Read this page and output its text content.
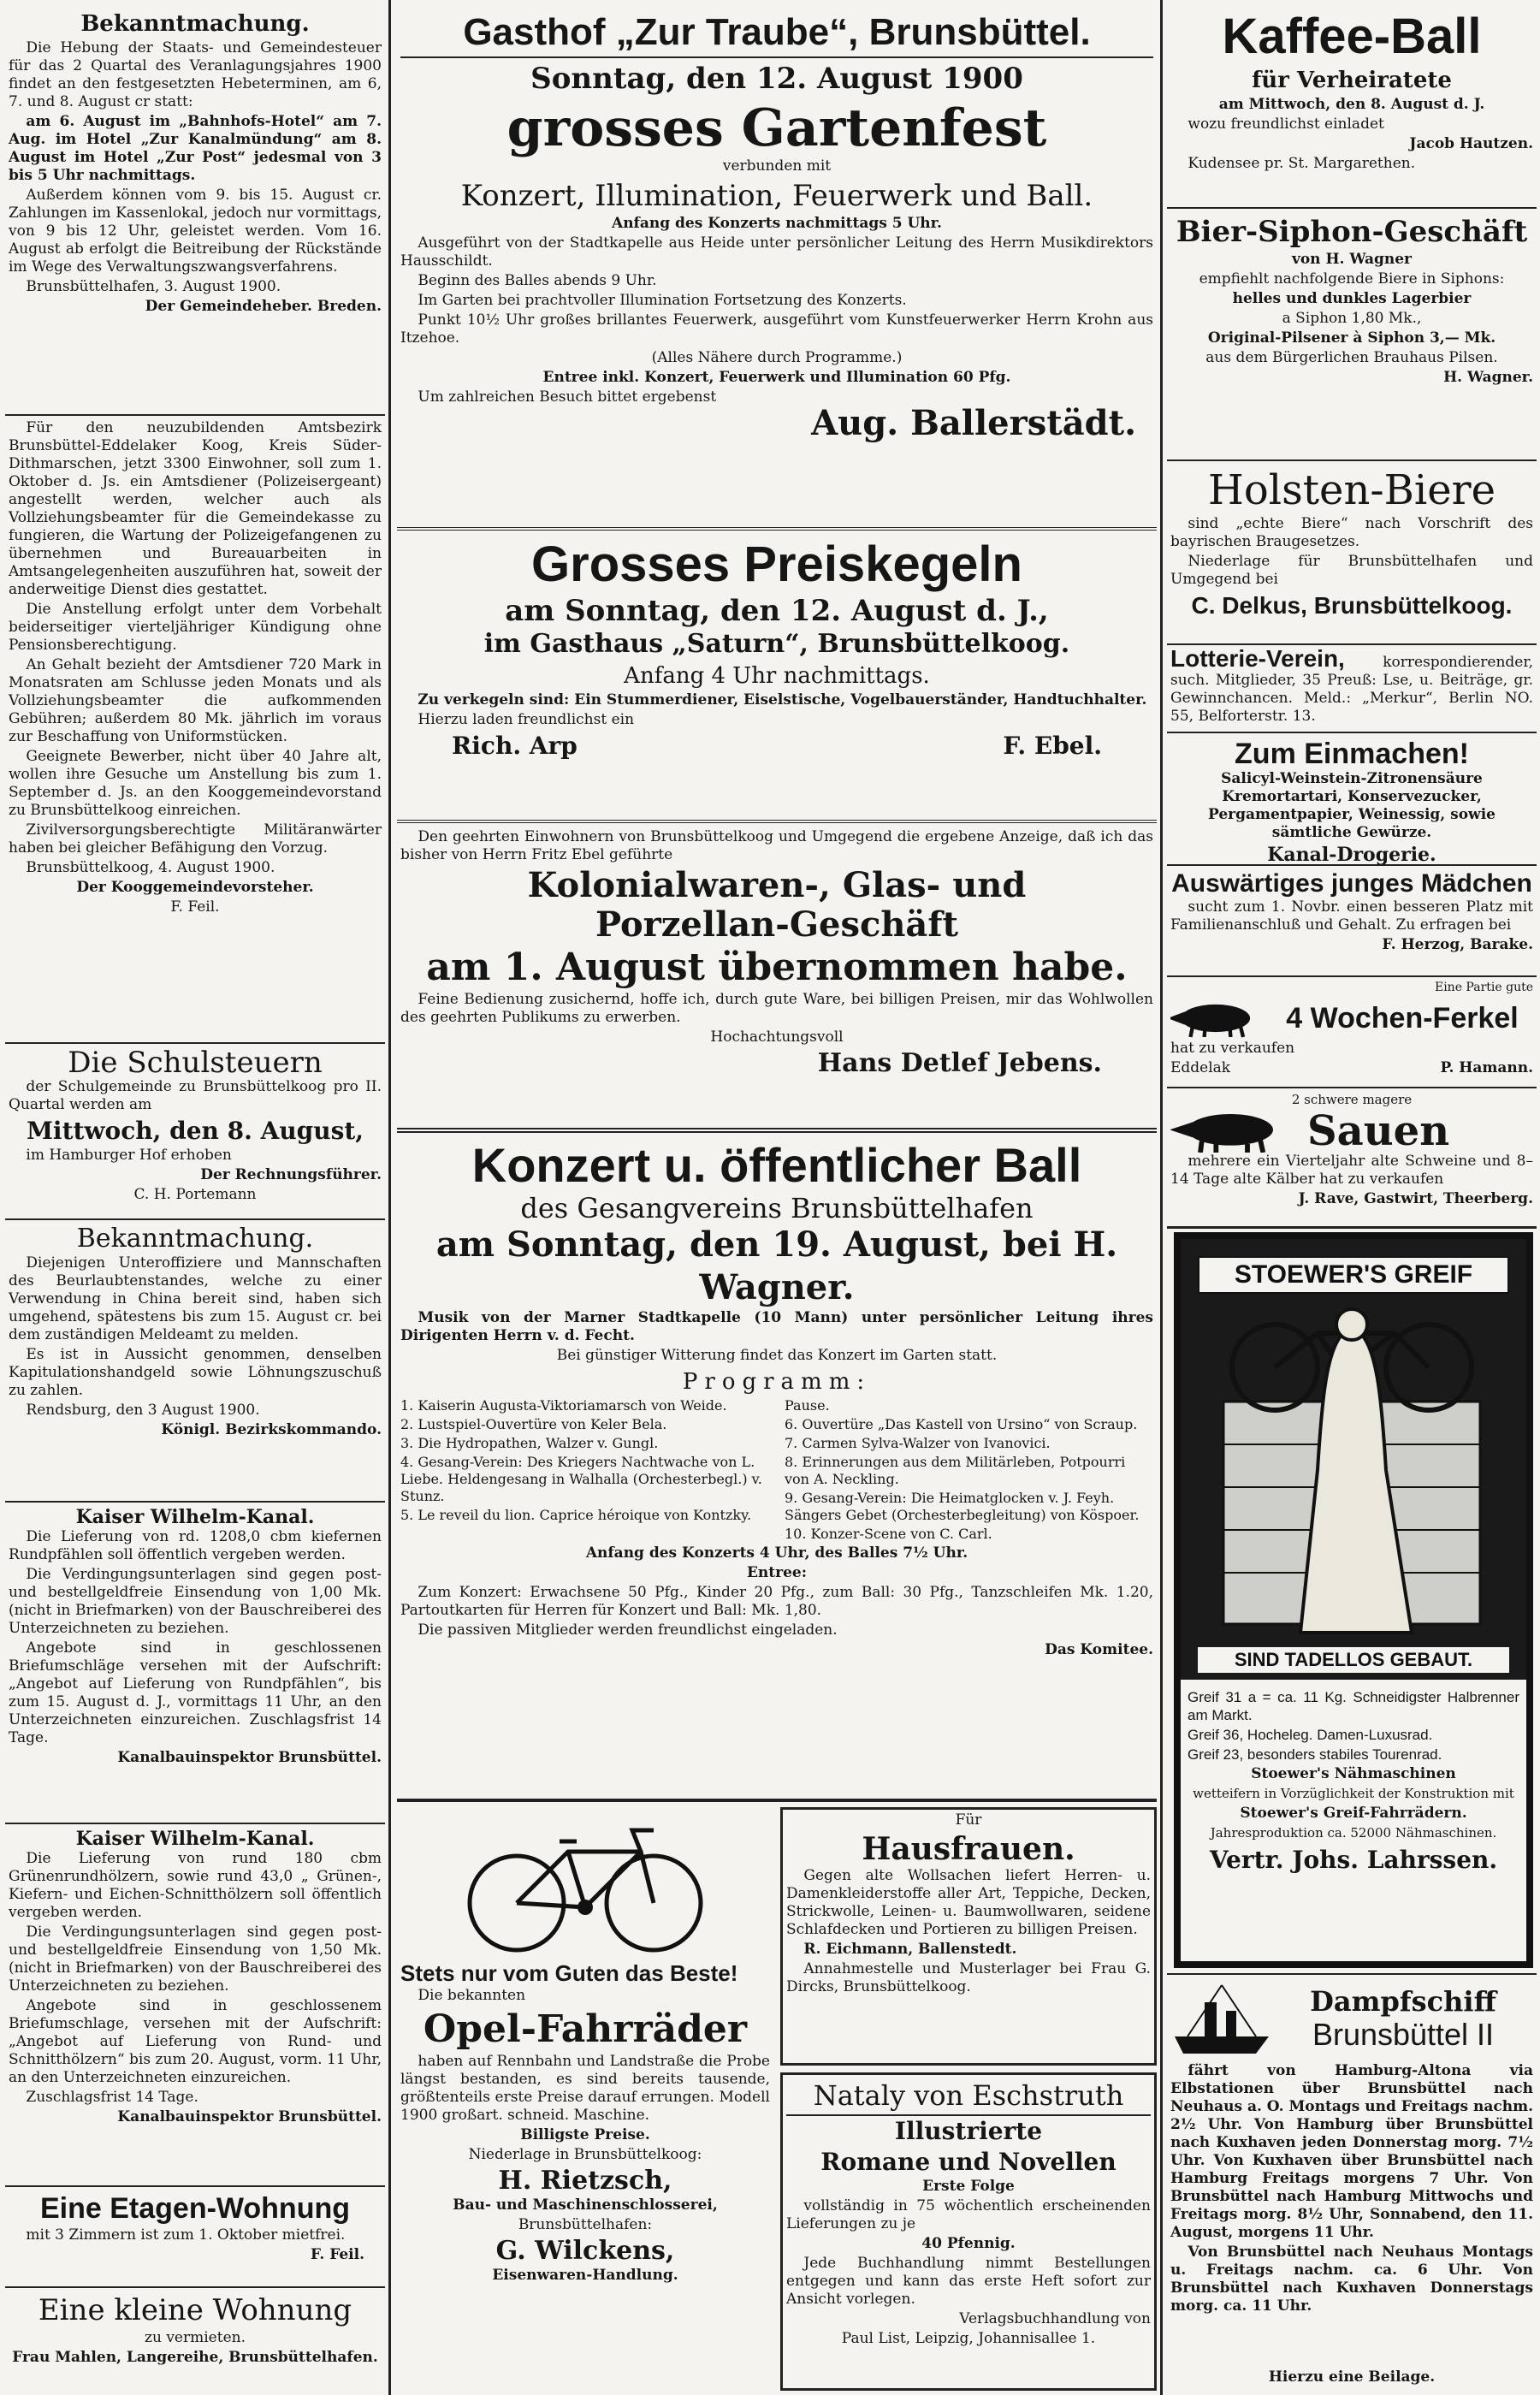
Bekanntmachung.

Die Hebung der Staats- und Gemeindesteuer für das 2 Quartal des Veranlagungsjahres 1900 findet an den festgesetzten Hebeterminen, am 6, 7. und 8. August cr statt:

am 6. August im „Bahnhofs-Hotel“ am 7. Aug. im Hotel „Zur Kanalmündung“ am 8. August im Hotel „Zur Post“ jedesmal von 3 bis 5 Uhr nachmittags.

Außerdem können vom 9. bis 15. August cr. Zahlungen im Kassenlokal, jedoch nur vormittags, von 9 bis 12 Uhr, geleistet werden. Vom 16. August ab erfolgt die Beitreibung der Rückstände im Wege des Verwaltungszwangsverfahrens.

Brunsbüttelhafen, 3. August 1900.

Der Gemeindeheber. Breden.

Für den neuzubildenden Amtsbezirk Brunsbüttel-Eddelaker Koog, Kreis Süder-Dithmarschen, jetzt 3300 Einwohner, soll zum 1. Oktober d. Js. ein Amtsdiener (Polizeisergeant) angestellt werden, welcher auch als Vollziehungsbeamter für die Gemeindekasse zu fungieren, die Wartung der Polizeigefangenen zu übernehmen und Bureauarbeiten in Amtsangelegenheiten auszuführen hat, soweit der anderweitige Dienst dies gestattet.

Die Anstellung erfolgt unter dem Vorbehalt beiderseitiger vierteljähriger Kündigung ohne Pensionsberechtigung.

An Gehalt bezieht der Amtsdiener 720 Mark in Monatsraten am Schlusse jeden Monats und als Vollziehungsbeamter die aufkommenden Gebühren; außerdem 80 Mk. jährlich im voraus zur Beschaffung von Uniformstücken.

Geeignete Bewerber, nicht über 40 Jahre alt, wollen ihre Gesuche um Anstellung bis zum 1. September d. Js. an den Kooggemeindevorstand zu Brunsbüttelkoog einreichen.

Zivilversorgungsberechtigte Militäranwärter haben bei gleicher Befähigung den Vorzug.

Brunsbüttelkoog, 4. August 1900.

Der Kooggemeindevorsteher.

F. Feil.

Die Schulsteuern

der Schulgemeinde zu Brunsbüttelkoog pro II. Quartal werden am

Mittwoch, den 8. August,

im Hamburger Hof erhoben

Der Rechnungsführer.

C. H. Portemann

Bekanntmachung.

Diejenigen Unteroffiziere und Mannschaften des Beurlaubtenstandes, welche zu einer Verwendung in China bereit sind, haben sich umgehend, spätestens bis zum 15. August cr. bei dem zuständigen Meldeamt zu melden.

Es ist in Aussicht genommen, denselben Kapitulationshandgeld sowie Löhnungszuschuß zu zahlen.

Rendsburg, den 3 August 1900.

Königl. Bezirkskommando.

Kaiser Wilhelm-Kanal.

Die Lieferung von rd. 1208,0 cbm kiefernen Rundpfählen soll öffentlich vergeben werden.

Die Verdingungsunterlagen sind gegen post- und bestellgeldfreie Einsendung von 1,00 Mk. (nicht in Briefmarken) von der Bauschreiberei des Unterzeichneten zu beziehen.

Angebote sind in geschlossenen Briefumschläge versehen mit der Aufschrift: „Angebot auf Lieferung von Rundpfählen“, bis zum 15. August d. J., vormittags 11 Uhr, an den Unterzeichneten einzureichen. Zuschlagsfrist 14 Tage.

Kanalbauinspektor Brunsbüttel.

Kaiser Wilhelm-Kanal.

Die Lieferung von rund 180 cbm Grünenrundhölzern, sowie rund 43,0 „ Grünen-, Kiefern- und Eichen-Schnitthölzern soll öffentlich vergeben werden.

Die Verdingungsunterlagen sind gegen post- und bestellgeldfreie Einsendung von 1,50 Mk. (nicht in Briefmarken) von der Bauschreiberei des Unterzeichneten zu beziehen.

Angebote sind in geschlossenem Briefumschlage, versehen mit der Aufschrift: „Angebot auf Lieferung von Rund- und Schnitthölzern“ bis zum 20. August, vorm. 11 Uhr, an den Unterzeichneten einzureichen.

Zuschlagsfrist 14 Tage.

Kanalbauinspektor Brunsbüttel.

Eine Etagen-Wohnung

mit 3 Zimmern ist zum 1. Oktober mietfrei.

F. Feil.

Eine kleine Wohnung

zu vermieten.

Frau Mahlen, Langereihe, Brunsbüttelhafen.

Gasthof „Zur Traube“, Brunsbüttel.
Sonntag, den 12. August 1900
grosses Gartenfest

verbunden mit

Konzert, Illumination, Feuerwerk und Ball.

Anfang des Konzerts nachmittags 5 Uhr.

Ausgeführt von der Stadtkapelle aus Heide unter persönlicher Leitung des Herrn Musikdirektors Hausschildt.

Beginn des Balles abends 9 Uhr.

Im Garten bei prachtvoller Illumination Fortsetzung des Konzerts.

Punkt 10½ Uhr großes brillantes Feuerwerk, ausgeführt vom Kunstfeuerwerker Herrn Krohn aus Itzehoe.

(Alles Nähere durch Programme.)

Entree inkl. Konzert, Feuerwerk und Illumination 60 Pfg.

Um zahlreichen Besuch bittet ergebenst

Aug. Ballerstädt.
Grosses Preiskegeln
am Sonntag, den 12. August d. J.,
im Gasthaus „Saturn“, Brunsbüttelkoog.
Anfang 4 Uhr nachmittags.

Zu verkegeln sind: Ein Stummerdiener, Eiselstische, Vogelbauerständer, Handtuchhalter.

Hierzu laden freundlichst ein

Rich. Arp	F. Ebel.

Den geehrten Einwohnern von Brunsbüttelkoog und Umgegend die ergebene Anzeige, daß ich das bisher von Herrn Fritz Ebel geführte

Kolonialwaren-, Glas- und
Porzellan-Geschäft
am 1. August übernommen habe.

Feine Bedienung zusichernd, hoffe ich, durch gute Ware, bei billigen Preisen, mir das Wohlwollen des geehrten Publikums zu erwerben.

Hochachtungsvoll

Hans Detlef Jebens.
Konzert u. öffentlicher Ball
des Gesangvereins Brunsbüttelhafen
am Sonntag, den 19. August, bei H. Wagner.

Musik von der Marner Stadtkapelle (10 Mann) unter persönlicher Leitung ihres Dirigenten Herrn v. d. Fecht.

Bei günstiger Witterung findet das Konzert im Garten statt.

Programm:

1. Kaiserin Augusta-Viktoriamarsch von Weide.

2. Lustspiel-Ouvertüre von Keler Bela.

3. Die Hydropathen, Walzer v. Gungl.

4. Gesang-Verein: Des Kriegers Nachtwache von L. Liebe. Heldengesang in Walhalla (Orchesterbegl.) v. Stunz.

5. Le reveil du lion. Caprice héroique von Kontzky.

Pause.

6. Ouvertüre „Das Kastell von Ursino“ von Scraup.

7. Carmen Sylva-Walzer von Ivanovici.

8. Erinnerungen aus dem Militärleben, Potpourri von A. Neckling.

9. Gesang-Verein: Die Heimatglocken v. J. Feyh. Sängers Gebet (Orchesterbegleitung) von Köspoer.

10. Konzer-Scene von C. Carl.

Anfang des Konzerts 4 Uhr, des Balles 7½ Uhr.

Entree:

Zum Konzert: Erwachsene 50 Pfg., Kinder 20 Pfg., zum Ball: 30 Pfg., Tanzschleifen Mk. 1.20, Partoutkarten für Herren für Konzert und Ball: Mk. 1,80.

Die passiven Mitglieder werden freundlichst eingeladen.

Das Komitee.

Stets nur vom Guten das Beste!

Die bekannten

Opel-Fahrräder

haben auf Rennbahn und Landstraße die Probe längst bestanden, es sind bereits tausende, größtenteils erste Preise darauf errungen. Modell 1900 großart. schneid. Maschine.

Billigste Preise.

Niederlage in Brunsbüttelkoog:

H. Rietzsch,

Bau- und Maschinenschlosserei,

Brunsbüttelhafen:

G. Wilckens,

Eisenwaren-Handlung.

Für

Hausfrauen.

Gegen alte Wollsachen liefert Herren- u. Damenkleiderstoffe aller Art, Teppiche, Decken, Strickwolle, Leinen- u. Baumwollwaren, seidene Schlafdecken und Portieren zu billigen Preisen.

R. Eichmann, Ballenstedt.

Annahmestelle und Musterlager bei Frau G. Dircks, Brunsbüttelkoog.

Nataly von Eschstruth
Illustrierte
Romane und Novellen

Erste Folge

vollständig in 75 wöchentlich erscheinenden Lieferungen zu je

40 Pfennig.

Jede Buchhandlung nimmt Bestellungen entgegen und kann das erste Heft sofort zur Ansicht vorlegen.

Verlagsbuchhandlung von

Paul List, Leipzig, Johannisallee 1.

Kaffee-Ball
für Verheiratete

am Mittwoch, den 8. August d. J.

wozu freundlichst einladet

Jacob Hautzen.

Kudensee pr. St. Margarethen.

Bier-Siphon-Geschäft

von H. Wagner

empfiehlt nachfolgende Biere in Siphons:

helles und dunkles Lagerbier

a Siphon 1,80 Mk.,

Original-Pilsener à Siphon 3,— Mk.

aus dem Bürgerlichen Brauhaus Pilsen.

H. Wagner.

Holsten-Biere

sind „echte Biere“ nach Vorschrift des bayrischen Braugesetzes.

Niederlage für Brunsbüttelhafen und Umgegend bei

C. Delkus, Brunsbüttelkoog.

Lotterie-Verein,	korrespondierender, such. Mitglieder, 35 Preuß: Lse, u. Beiträge, gr. Gewinnchancen. Meld.: „Merkur“, Berlin NO. 55, Belforterstr. 13.

Zum Einmachen!

Salicyl-Weinstein-Zitronensäure Kremortartari, Konservezucker, Pergamentpapier, Weinessig, sowie sämtliche Gewürze.

Kanal-Drogerie.

Auswärtiges junges Mädchen

sucht zum 1. Novbr. einen besseren Platz mit Familienanschluß und Gehalt. Zu erfragen bei

F. Herzog, Barake.

Eine Partie gute

4 Wochen-Ferkel

hat zu verkaufen

Eddelak	P. Hamann.

2 schwere magere

Sauen

mehrere ein Vierteljahr alte Schweine und 8–14 Tage alte Kälber hat zu verkaufen

J. Rave, Gastwirt, Theerberg.

STOEWER'S GREIF
SIND TADELLOS GEBAUT.

Greif 31 a = ca. 11 Kg. Schneidigster Halbrenner am Markt.

Greif 36, Hocheleg. Damen-Luxusrad.

Greif 23, besonders stabiles Tourenrad.

Stoewer's Nähmaschinen

wetteifern in Vorzüglichkeit der Konstruktion mit

Stoewer's Greif-Fahrrädern.

Jahresproduktion ca. 52000 Nähmaschinen.

Vertr. Johs. Lahrssen.
Dampfschiff
Brunsbüttel II

fährt von Hamburg-Altona via Elbstationen über Brunsbüttel nach Neuhaus a. O. Montags und Freitags nachm. 2½ Uhr. Von Hamburg über Brunsbüttel nach Kuxhaven jeden Donnerstag morg. 7½ Uhr. Von Kuxhaven über Brunsbüttel nach Hamburg Freitags morgens 7 Uhr. Von Brunsbüttel nach Hamburg Mittwochs und Freitags morg. 8½ Uhr, Sonnabend, den 11. August, morgens 11 Uhr.

Von Brunsbüttel nach Neuhaus Montags u. Freitags nachm. ca. 6 Uhr. Von Brunsbüttel nach Kuxhaven Donnerstags morg. ca. 11 Uhr.

Hierzu eine Beilage.
